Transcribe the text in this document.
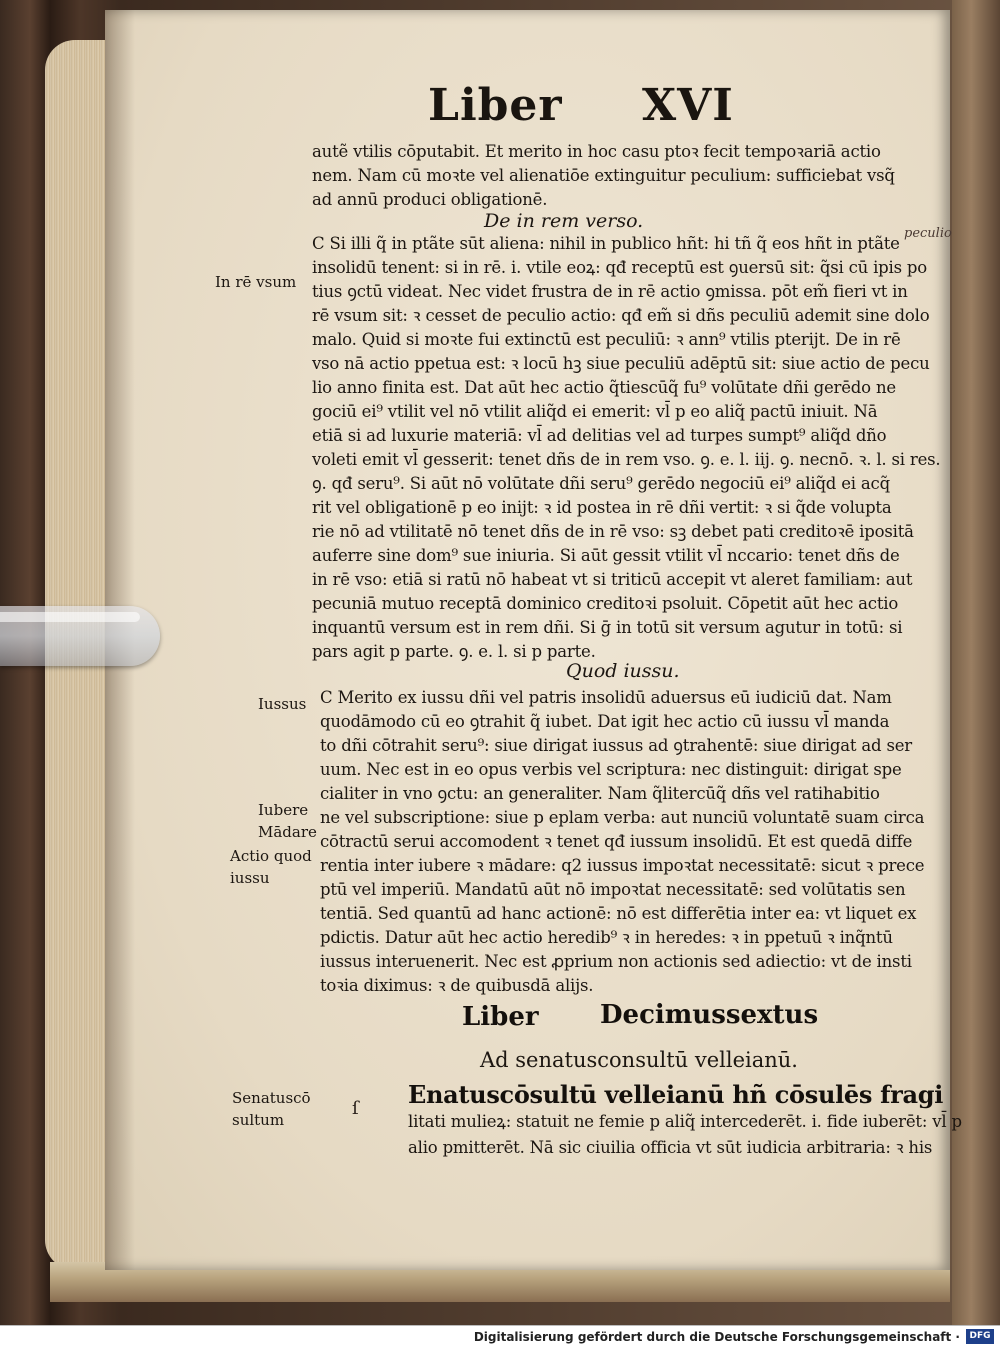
Liber XVI
autẽ vtilis cōputabit. Et merito in hoc casu ptoꝛ fecit tempoꝛariā actio
nem. Nam cū moꝛte vel alienatiōe extinguitur peculium: sufficiebat vsq̃
ad annū produci obligationē.
De in rem verso.
peculio
In rē vsum
C Si illi q̃ in ptãte sūt aliena: nihil in publico hñt: hi tñ q̃ eos hñt in ptãte
insolidū tenent: si in rē. i. vtile eoꝝ: qđ receptū est ꝯuersū sit: q̃si cū ipis po
tius ꝯctū videat. Nec videt frustra de in rē actio ꝯmissa. pōt em̃ fieri vt in
rē vsum sit: ꝛ cesset de peculio actio: qđ em̃ si dñs peculiū ademit sine dolo
malo. Quid si moꝛte fui extinctū est peculiū: ꝛ ann⁹ vtilis pterijt. De in rē
vso nā actio ppetua est: ꝛ locū hꝫ siue peculiū adēptū sit: siue actio de pecu
lio anno finita est. Dat aūt hec actio q̃tiescūq̃ fu⁹ volūtate dñi gerēdo ne
gociū ei⁹ vtilit vel nō vtilit aliq̃d ei emerit: vl̄ p eo aliq̃ pactū iniuit. Nā
etiā si ad luxurie materiā: vl̄ ad delitias vel ad turpes sumpt⁹ aliq̃d dño
voleti emit vl̄ gesserit: tenet dñs de in rem vso. ꝯ. e. l. iij. ꝯ. necnō. ꝛ. l. si res.
ꝯ. qđ seru⁹. Si aūt nō volūtate dñi seru⁹ gerēdo negociū ei⁹ aliq̃d ei acq̃
rit vel obligationē p eo inijt: ꝛ id postea in rē dñi vertit: ꝛ si q̃de volupta
rie nō ad vtilitatē nō tenet dñs de in rē vso: sꝫ debet pati creditoꝛē ipositā
auferre sine dom⁹ sue iniuria. Si aūt gessit vtilit vl̄ nccario: tenet dñs de
in rē vso: etiā si ratū nō habeat vt si triticū accepit vt aleret familiam: aut
pecuniā mutuo receptā dominico creditoꝛi psoluit. Cōpetit aūt hec actio
inquantū versum est in rem dñi. Si ḡ in totū sit versum agutur in totū: si
pars agit p parte. ꝯ. e. l. si p parte.
Quod iussu.
Iussus
Iubere
Mādare
Actio quod
iussu
C Merito ex iussu dñi vel patris insolidū aduersus eū iudiciū dat. Nam
quodāmodo cū eo ꝯtrahit q̃ iubet. Dat igit hec actio cū iussu vl̄ manda
to dñi cōtrahit seru⁹: siue dirigat iussus ad ꝯtrahentē: siue dirigat ad ser
uum. Nec est in eo opus verbis vel scriptura: nec distinguit: dirigat spe
cialiter in vno ꝯctu: an generaliter. Nam q̃litercūq̃ dñs vel ratihabitio
ne vel subscriptione: siue p eplam verba: aut nunciū voluntatē suam circa
cōtractū serui accomodent ꝛ tenet qđ iussum insolidū. Et est quedā diffe
rentia inter iubere ꝛ mādare: q2 iussus impoꝛtat necessitatē: sicut ꝛ prece
ptū vel imperiū. Mandatū aūt nō impoꝛtat necessitatē: sed volūtatis sen
tentiā. Sed quantū ad hanc actionē: nō est differētia inter ea: vt liquet ex
pdictis. Datur aūt hec actio heredib⁹ ꝛ in heredes: ꝛ in ppetuū ꝛ inq̃ntū
iussus interuenerit. Nec est ꝓprium non actionis sed adiectio: vt de insti
toꝛia diximus: ꝛ de quibusdā alijs.
Liber Decimussextus
Ad senatusconsultū velleianū.
Enatuscōsultū velleianū hñ cōsulēs fragi
litati mulieꝝ: statuit ne femie p aliq̃ intercederēt. i. fide iuberēt: vl̄ p
alio pmitterēt. Nā sic ciuilia officia vt sūt iudicia arbitraria: ꝛ his
Senatuscō
sultum
ſ
Digitalisierung gefördert durch die Deutsche Forschungsgemeinschaft ·	DFG
